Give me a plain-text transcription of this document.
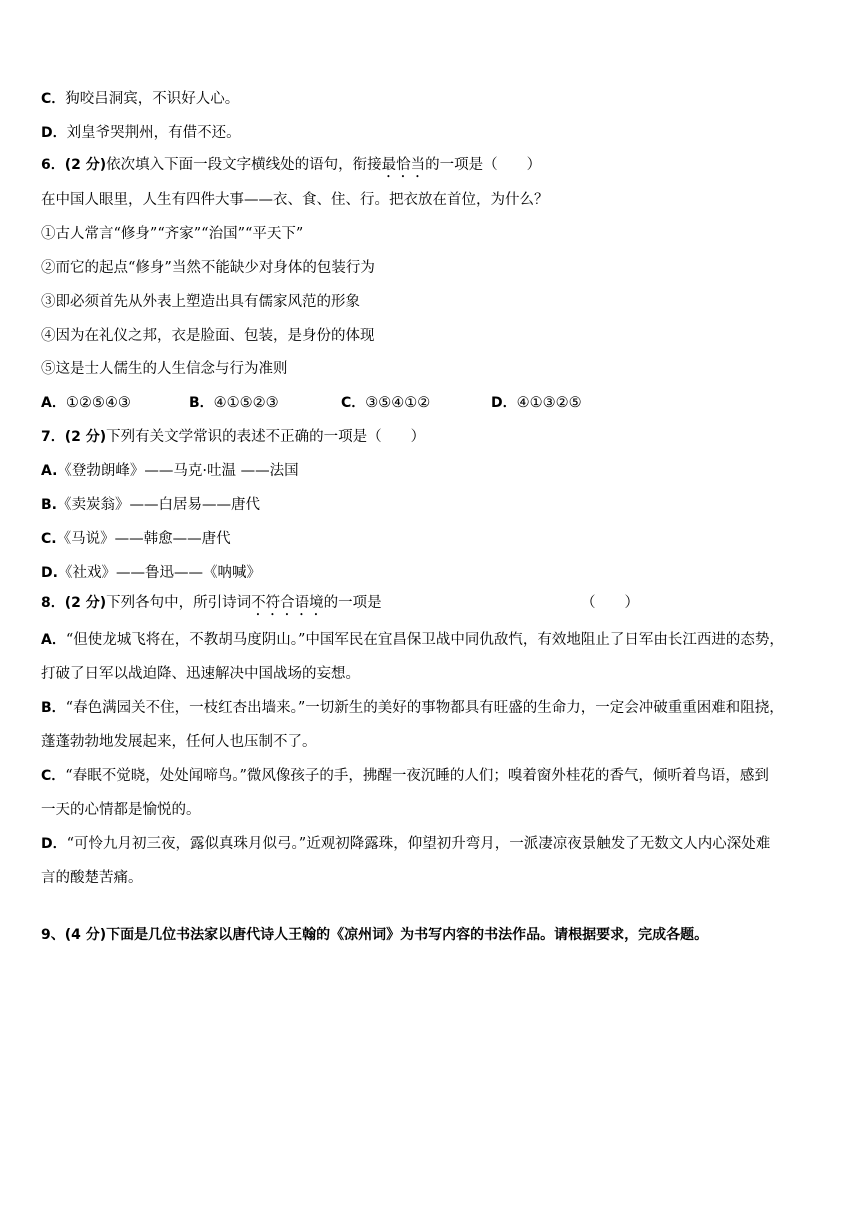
C．狗咬吕洞宾，不识好人心。
D．刘皇爷哭荆州，有借不还。
6．(2 分)依次填入下面一段文字横线处的语句，衔接最恰当的一项是（　　）
在中国人眼里，人生有四件大事——衣、食、住、行。把衣放在首位，为什么？
①古人常言“修身”“齐家”“治国”“平天下”
②而它的起点“修身”当然不能缺少对身体的包装行为
③即必须首先从外表上塑造出具有儒家风范的形象
④因为在礼仪之邦，衣是脸面、包装，是身份的体现
⑤这是士人儒生的人生信念与行为准则
A．①②⑤④③	B．④①⑤②③	C．③⑤④①②	D．④①③②⑤
7．(2 分)下列有关文学常识的表述不正确的一项是（　　）
A.《登勃朗峰》——马克·吐温 ——法国
B.《卖炭翁》——白居易——唐代
C.《马说》——韩愈——唐代
D.《社戏》——鲁迅——《呐喊》
8．(2 分)下列各句中，所引诗词不符合语境的一项是	（　　）
A．“但使龙城飞将在，不教胡马度阴山。”中国军民在宜昌保卫战中同仇敌忾，有效地阻止了日军由长江西进的态势，
打破了日军以战迫降、迅速解决中国战场的妄想。
B．“春色满园关不住，一枝红杏出墙来。”一切新生的美好的事物都具有旺盛的生命力，一定会冲破重重困难和阻挠，
蓬蓬勃勃地发展起来，任何人也压制不了。
C．“春眠不觉晓，处处闻啼鸟。”微风像孩子的手，拂醒一夜沉睡的人们；嗅着窗外桂花的香气，倾听着鸟语，感到
一天的心情都是愉悦的。
D．“可怜九月初三夜，露似真珠月似弓。”近观初降露珠，仰望初升弯月，一派凄凉夜景触发了无数文人内心深处难
言的酸楚苦痛。
9、(4 分)下面是几位书法家以唐代诗人王翰的《凉州词》为书写内容的书法作品。请根据要求，完成各题。
